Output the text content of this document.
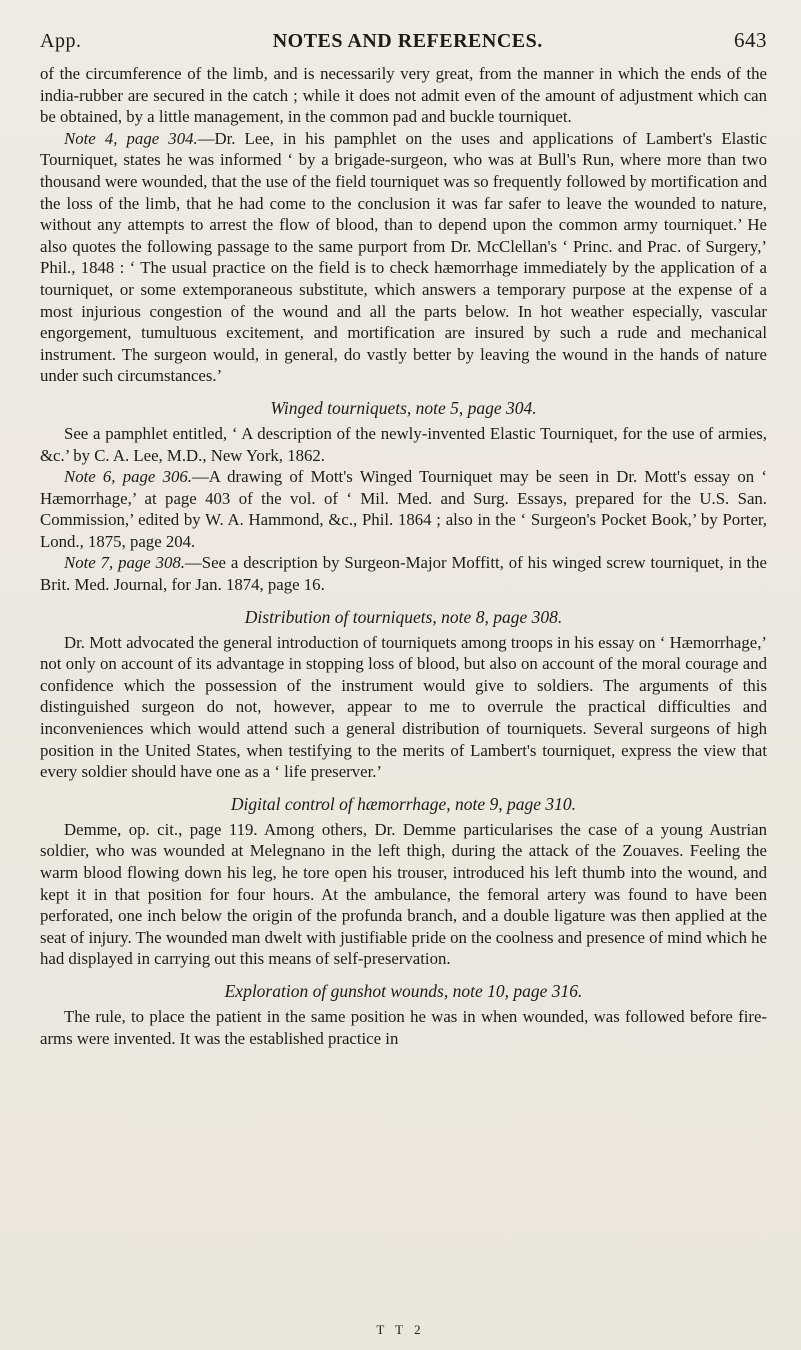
App.	NOTES AND REFERENCES.	643

of the circumference of the limb, and is necessarily very great, from the manner in which the ends of the india-rubber are secured in the catch ; while it does not admit even of the amount of adjustment which can be obtained, by a little management, in the common pad and buckle tourniquet.

Note 4, page 304.—Dr. Lee, in his pamphlet on the uses and applications of Lambert's Elastic Tourniquet, states he was informed ‘ by a brigade-surgeon, who was at Bull's Run, where more than two thousand were wounded, that the use of the field tourniquet was so frequently followed by mortification and the loss of the limb, that he had come to the conclusion it was far safer to leave the wounded to nature, without any attempts to arrest the flow of blood, than to depend upon the common army tourniquet.’ He also quotes the following passage to the same purport from Dr. McClellan's ‘ Princ. and Prac. of Surgery,’ Phil., 1848 : ‘ The usual practice on the field is to check hæmorrhage immediately by the application of a tourniquet, or some extemporaneous substitute, which answers a temporary purpose at the expense of a most injurious congestion of the wound and all the parts below. In hot weather especially, vascular engorgement, tumultuous excitement, and mortification are insured by such a rude and mechanical instrument. The surgeon would, in general, do vastly better by leaving the wound in the hands of nature under such circumstances.’

Winged tourniquets, note 5, page 304.

See a pamphlet entitled, ‘ A description of the newly-invented Elastic Tourniquet, for the use of armies, &c.’ by C. A. Lee, M.D., New York, 1862.

Note 6, page 306.—A drawing of Mott's Winged Tourniquet may be seen in Dr. Mott's essay on ‘ Hæmorrhage,’ at page 403 of the vol. of ‘ Mil. Med. and Surg. Essays, prepared for the U.S. San. Commission,’ edited by W. A. Hammond, &c., Phil. 1864 ; also in the ‘ Surgeon's Pocket Book,’ by Porter, Lond., 1875, page 204.

Note 7, page 308.—See a description by Surgeon-Major Moffitt, of his winged screw tourniquet, in the Brit. Med. Journal, for Jan. 1874, page 16.

Distribution of tourniquets, note 8, page 308.

Dr. Mott advocated the general introduction of tourniquets among troops in his essay on ‘ Hæmorrhage,’ not only on account of its advantage in stopping loss of blood, but also on account of the moral courage and confidence which the possession of the instrument would give to soldiers. The arguments of this distinguished surgeon do not, however, appear to me to overrule the practical difficulties and inconveniences which would attend such a general distribution of tourniquets. Several surgeons of high position in the United States, when testifying to the merits of Lambert's tourniquet, express the view that every soldier should have one as a ‘ life preserver.’

Digital control of hæmorrhage, note 9, page 310.

Demme, op. cit., page 119. Among others, Dr. Demme particularises the case of a young Austrian soldier, who was wounded at Melegnano in the left thigh, during the attack of the Zouaves. Feeling the warm blood flowing down his leg, he tore open his trouser, introduced his left thumb into the wound, and kept it in that position for four hours. At the ambulance, the femoral artery was found to have been perforated, one inch below the origin of the profunda branch, and a double ligature was then applied at the seat of injury. The wounded man dwelt with justifiable pride on the coolness and presence of mind which he had displayed in carrying out this means of self-preservation.

Exploration of gunshot wounds, note 10, page 316.

The rule, to place the patient in the same position he was in when wounded, was followed before fire-arms were invented. It was the established practice in

T T 2
